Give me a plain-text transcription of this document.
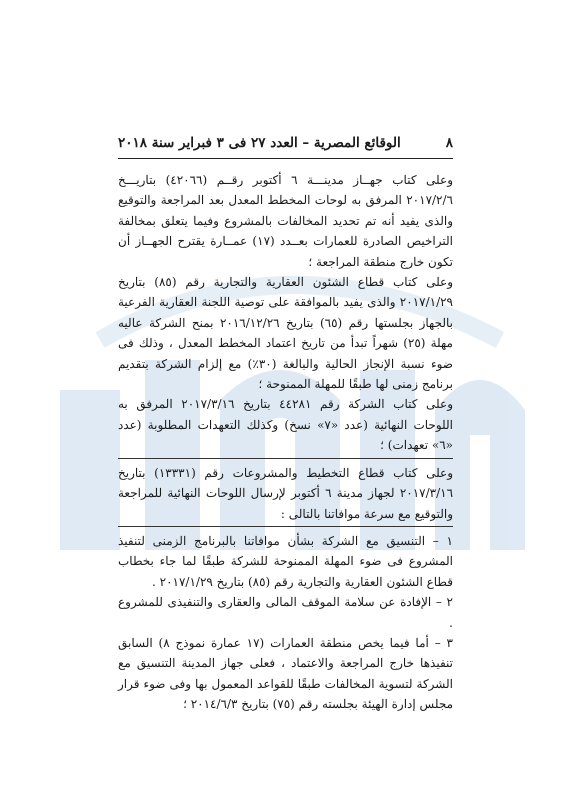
٨
الوقائع المصرية – العدد ٢٧ فى ٣ فبراير سنة ٢٠١٨

وعلى كتاب جهــاز مدينـــة ٦ أكتوبر رقــم (٤٢٠٦٦) بتاريـــخ ٢٠١٧/٢/٦ المرفق به لوحات المخطط المعدل بعد المراجعة والتوقيع والذى يفيد أنه تم تحديد المخالفات بالمشروع وفيما يتعلق بمخالفة التراخيص الصادرة للعمارات بعــدد (١٧) عمــارة يقترح الجهــاز أن تكون خارج منطقة المراجعة ؛

وعلى كتاب قطاع الشئون العقارية والتجارية رقم (٨٥) بتاريخ ٢٠١٧/١/٢٩ والذى يفيد بالموافقة على توصية اللجنة العقارية الفرعية بالجهاز بجلستها رقم (٦٥) بتاريخ ٢٠١٦/١٢/٢٦ بمنح الشركة عاليه مهلة (٢٥) شهراً تبدأ من تاريخ اعتماد المخطط المعدل ، وذلك فى ضوء نسبة الإنجاز الحالية والبالغة (٣٠٪) مع إلزام الشركة بتقديم برنامج زمنى لها طبقًا للمهلة الممنوحة ؛

وعلى كتاب الشركة رقم ٤٤٢٨١ بتاريخ ٢٠١٧/٣/١٦ المرفق به اللوحات النهائية (عدد «٧» نسخ) وكذلك التعهدات المطلوبة (عدد «٦» تعهدات) ؛

وعلى كتاب قطاع التخطيط والمشروعات رقم (١٣٣٣١) بتاريخ ٢٠١٧/٣/١٦ لجهاز مدينة ٦ أكتوبر لإرسال اللوحات النهائية للمراجعة والتوقيع مع سرعة موافاتنا بالتالى :

١ – التنسيق مع الشركة بشأن موافاتنا بالبرنامج الزمنى لتنفيذ المشروع فى ضوء المهلة الممنوحة للشركة طبقًا لما جاء بخطاب قطاع الشئون العقارية والتجارية رقم (٨٥) بتاريخ ٢٠١٧/١/٢٩ .

٢ – الإفادة عن سلامة الموقف المالى والعقارى والتنفيذى للمشروع .

٣ – أما فيما يخص منطقة العمارات (١٧ عمارة نموذج ٨) السابق تنفيذها خارج المراجعة والاعتماد ، فعلى جهاز المدينة التنسيق مع الشركة لتسوية المخالفات طبقًا للقواعد المعمول بها وفى ضوء قرار مجلس إدارة الهيئة بجلسته رقم (٧٥) بتاريخ ٢٠١٤/٦/٣ ؛
